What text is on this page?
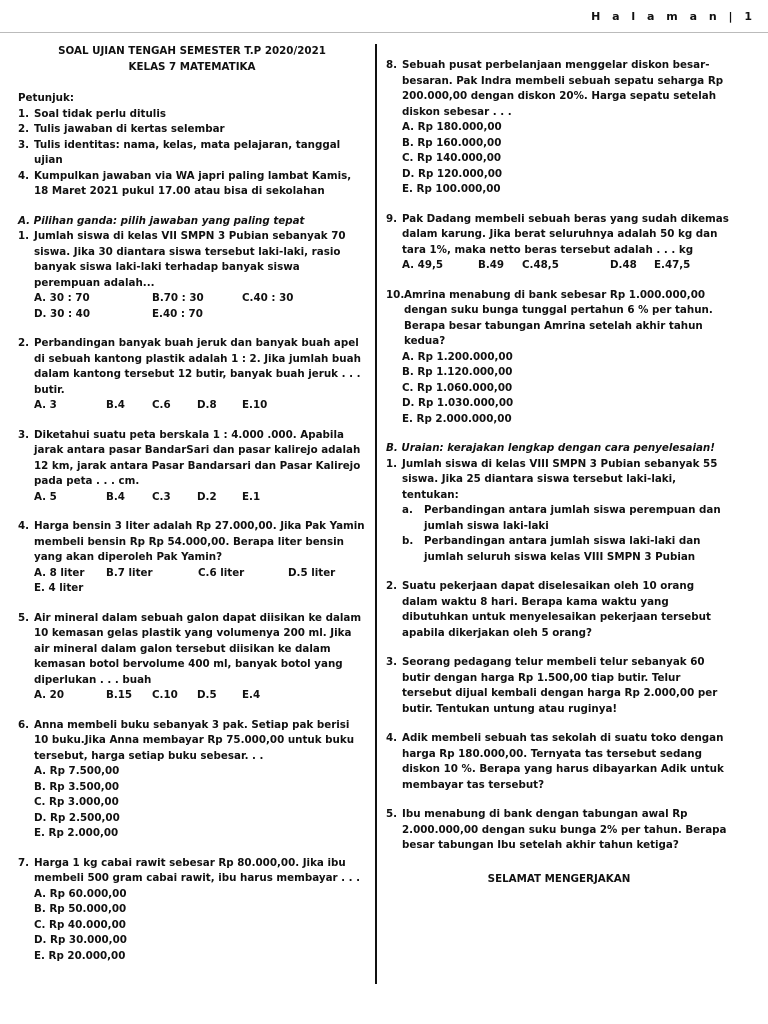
H a l a m a n | 1
SOAL UJIAN TENGAH SEMESTER T.P 2020/2021
KELAS 7 MATEMATIKA
Petunjuk:
1. Soal tidak perlu ditulis
2. Tulis jawaban di kertas selembar
3. Tulis identitas: nama, kelas, mata pelajaran, tanggal ujian
4. Kumpulkan jawaban via WA japri paling lambat Kamis, 18 Maret 2021 pukul 17.00 atau bisa di sekolahan
A. Pilihan ganda: pilih jawaban yang paling tepat
1. Jumlah siswa di kelas VII SMPN 3 Pubian sebanyak 70 siswa. Jika 30 diantara siswa tersebut laki-laki, rasio banyak siswa laki-laki terhadap banyak siswa perempuan adalah...
A. 30 : 70	B.70 : 30	C.40 : 30
D. 30 : 40	E.40 : 70
2. Perbandingan banyak buah jeruk dan banyak buah apel di sebuah kantong plastik adalah 1 : 2. Jika jumlah buah dalam kantong tersebut 12 butir, banyak buah jeruk . . . butir.
A. 3	B.4	C.6	D.8	E.10
3. Diketahui suatu peta berskala 1 : 4.000 .000. Apabila jarak antara pasar BandarSari dan pasar kalirejo adalah 12 km, jarak antara Pasar Bandarsari dan Pasar Kalirejo pada peta . . . cm.
A. 5	B.4	C.3	D.2	E.1
4. Harga bensin 3 liter adalah Rp 27.000,00. Jika Pak Yamin membeli bensin Rp Rp 54.000,00. Berapa liter bensin yang akan diperoleh Pak Yamin?
A. 8 liter	B.7 liter	C.6 liter	D.5 liter
E. 4 liter
5. Air mineral dalam sebuah galon dapat diisikan ke dalam 10 kemasan gelas plastik yang volumenya 200 ml. Jika air mineral dalam galon tersebut diisikan ke dalam kemasan botol bervolume 400 ml, banyak botol yang diperlukan . . . buah
A. 20	B.15	C.10	D.5	E.4
6. Anna membeli buku sebanyak 3 pak. Setiap pak berisi 10 buku.Jika Anna membayar Rp 75.000,00 untuk buku tersebut, harga setiap buku sebesar. . .
A. Rp 7.500,00
B. Rp 3.500,00
C. Rp 3.000,00
D. Rp 2.500,00
E. Rp 2.000,00
7. Harga 1 kg cabai rawit sebesar Rp 80.000,00. Jika ibu membeli 500 gram cabai rawit, ibu harus membayar . . .
A. Rp 60.000,00
B. Rp 50.000,00
C. Rp 40.000,00
D. Rp 30.000,00
E. Rp 20.000,00
8. Sebuah pusat perbelanjaan menggelar diskon besar-besaran. Pak Indra membeli sebuah sepatu seharga Rp 200.000,00 dengan diskon 20%. Harga sepatu setelah diskon sebesar . . .
A. Rp 180.000,00
B. Rp 160.000,00
C. Rp 140.000,00
D. Rp 120.000,00
E. Rp 100.000,00
9. Pak Dadang membeli sebuah beras yang sudah dikemas dalam karung. Jika berat seluruhnya adalah 50 kg dan tara 1%, maka netto beras tersebut adalah . . . kg
A. 49,5	B.49	C.48,5	D.48	E.47,5
10. Amrina menabung di bank sebesar Rp 1.000.000,00 dengan suku bunga tunggal pertahun 6 % per tahun. Berapa besar tabungan Amrina setelah akhir tahun kedua?
A. Rp 1.200.000,00
B. Rp 1.120.000,00
C. Rp 1.060.000,00
D. Rp 1.030.000,00
E. Rp 2.000.000,00
B. Uraian: kerajakan lengkap dengan cara penyelesaian!
1. Jumlah siswa di kelas VIII SMPN 3 Pubian sebanyak 55 siswa. Jika 25 diantara siswa tersebut laki-laki, tentukan:
a.	Perbandingan antara jumlah siswa perempuan dan jumlah siswa laki-laki
b.	Perbandingan antara jumlah siswa laki-laki dan jumlah seluruh siswa kelas VIII SMPN 3 Pubian
2. Suatu pekerjaan dapat diselesaikan oleh 10 orang dalam waktu 8 hari. Berapa kama waktu yang dibutuhkan untuk menyelesaikan pekerjaan tersebut apabila dikerjakan oleh 5 orang?
3. Seorang pedagang telur membeli telur sebanyak 60 butir dengan harga Rp 1.500,00 tiap butir. Telur tersebut dijual kembali dengan harga Rp 2.000,00 per butir. Tentukan untung atau ruginya!
4. Adik membeli sebuah tas sekolah di suatu toko dengan harga Rp 180.000,00. Ternyata tas tersebut sedang diskon 10 %. Berapa yang harus dibayarkan Adik untuk membayar tas tersebut?
5. Ibu menabung di bank dengan tabungan awal Rp 2.000.000,00 dengan suku bunga 2% per tahun. Berapa besar tabungan Ibu setelah akhir tahun ketiga?
SELAMAT MENGERJAKAN
